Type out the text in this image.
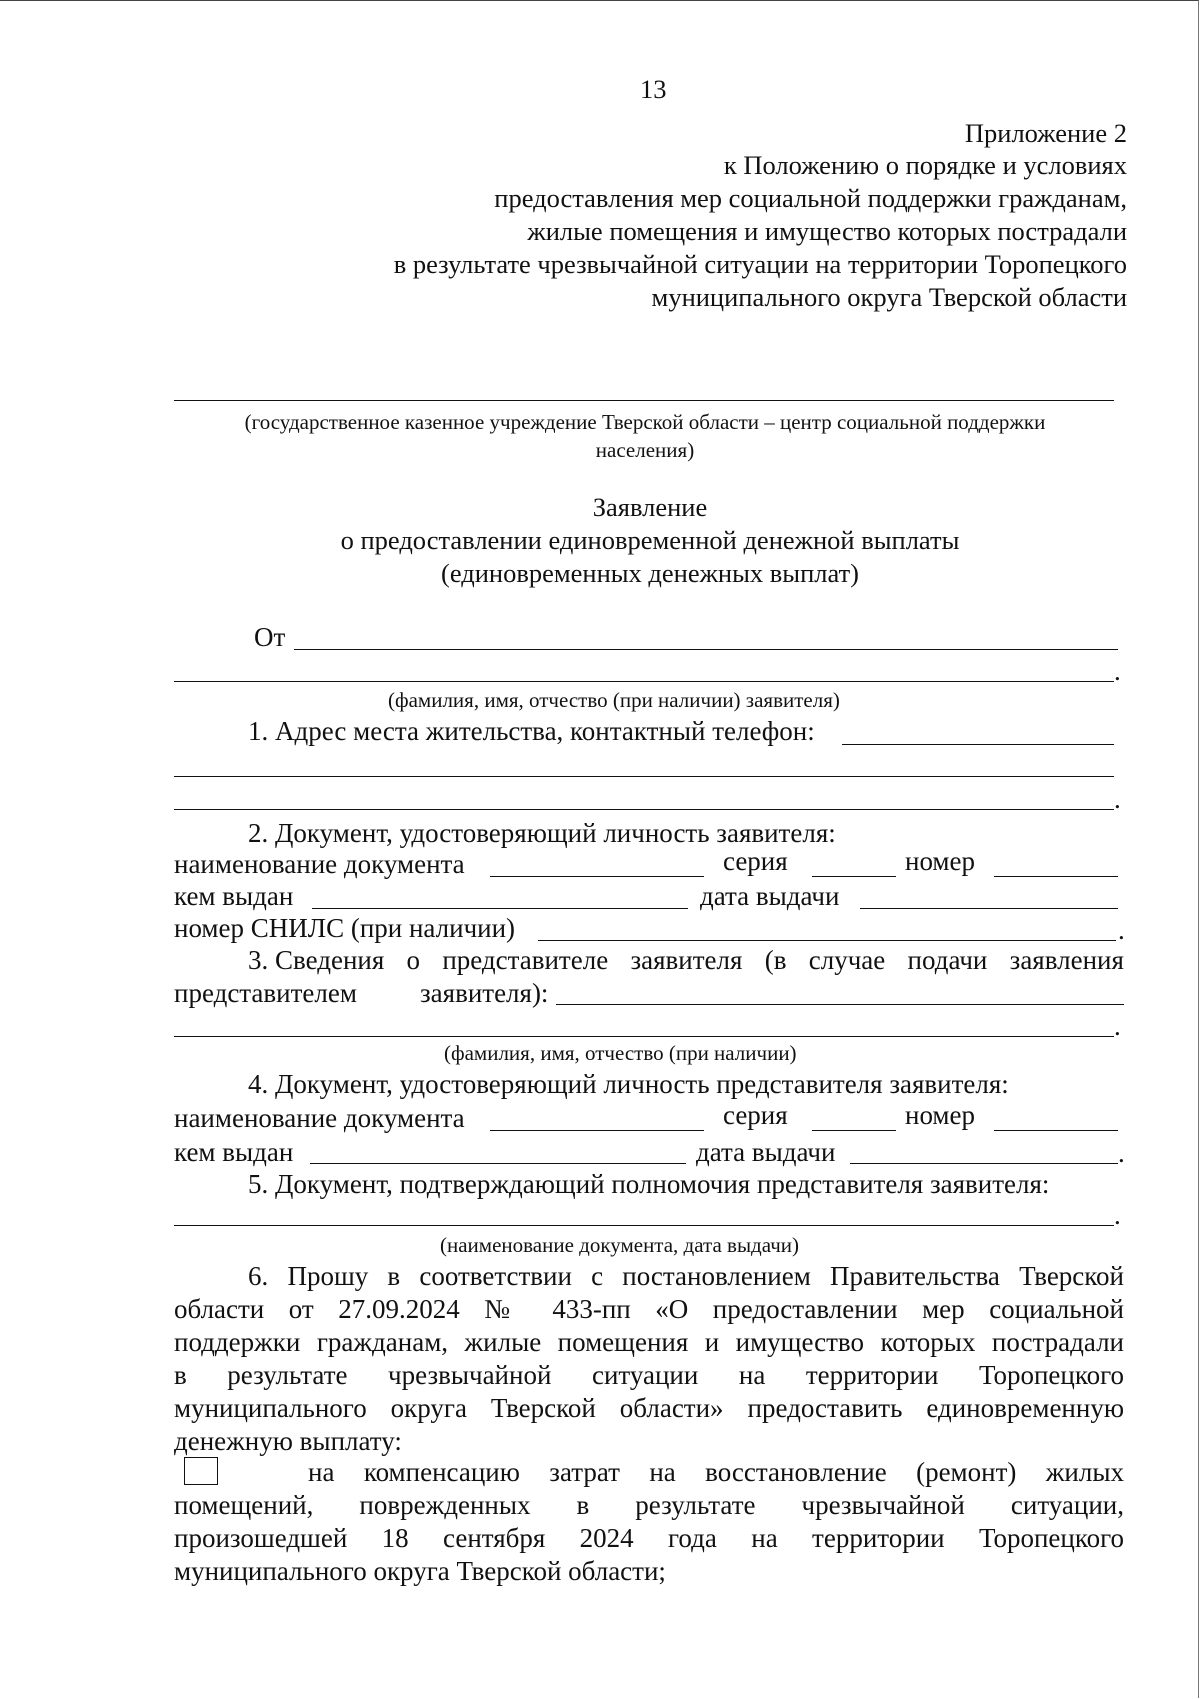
13
Приложение 2
к Положению о порядке и условиях
предоставления мер социальной поддержки гражданам,
жилые помещения и имущество которых пострадали
в результате чрезвычайной ситуации на территории Торопецкого
муниципального округа Тверской области
(государственное казенное учреждение Тверской области – центр социальной поддержки
населения)
Заявление
о предоставлении единовременной денежной выплаты
(единовременных денежных выплат)
От
.
(фамилия, имя, отчество (при наличии) заявителя)
1. Адрес места жительства, контактный телефон:
.
2. Документ, удостоверяющий личность заявителя:
наименование документа	серия	номер
кем выдан	дата выдачи
номер СНИЛС (при наличии)	.
3. Сведения о представителе заявителя (в случае подачи заявления
представителем заявителя):
.
(фамилия, имя, отчество (при наличии)
4. Документ, удостоверяющий личность представителя заявителя:
наименование документа	серия	номер
кем выдан	дата выдачи	.
5. Документ, подтверждающий полномочия представителя заявителя:
.
(наименование документа, дата выдачи)
6. Прошу в соответствии с постановлением Правительства Тверской
области от 27.09.2024 № 433-пп «О предоставлении мер социальной
поддержки гражданам, жилые помещения и имущество которых пострадали
в результате чрезвычайной ситуации на территории Торопецкого
муниципального округа Тверской области» предоставить единовременную
денежную выплату:
на компенсацию затрат на восстановление (ремонт) жилых
помещений, поврежденных в результате чрезвычайной ситуации,
произошедшей 18 сентября 2024 года на территории Торопецкого
муниципального округа Тверской области;
